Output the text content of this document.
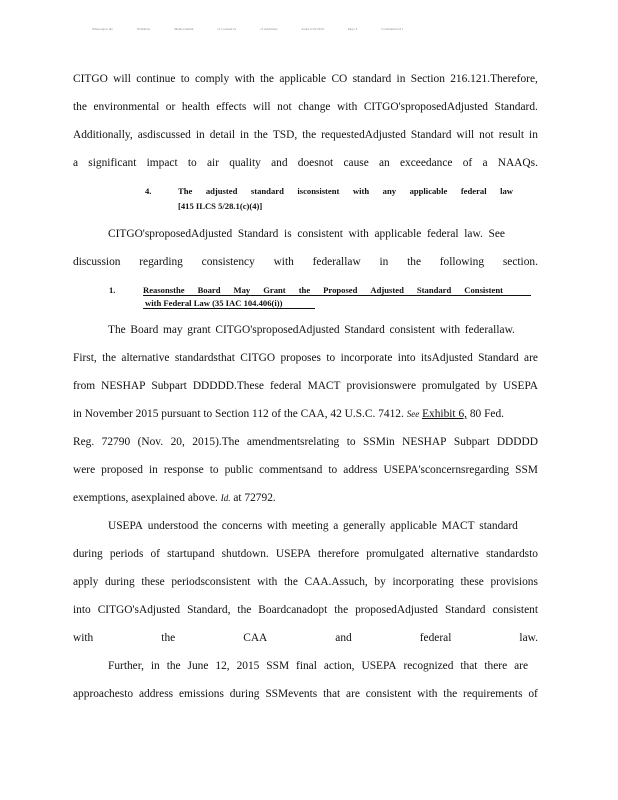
Whereupon the	Withdraw	Memorandum	of Counsel in	of Additions	dated 2/16/2016	Page 3	Confidential 01
CITGO will continue to comply with the applicable CO standard in Section 216.121.Therefore,
the environmental or health effects will not change with CITGO'sproposedAdjusted Standard.
Additionally, asdiscussed in detail in the TSD, the requestedAdjusted Standard will not result in
a significant impact to air quality and doesnot cause an exceedance of a NAAQs.
4.	The adjusted standard isconsistent with any applicable federal law
[415 ILCS 5/28.1(c)(4)]
CITGO'sproposedAdjusted Standard is consistent with applicable federal law. See
discussion regarding consistency with federallaw in the following section.
1.	Reasonsthe Board May Grant the Proposed Adjusted Standard Consistent
with Federal Law (35 IAC 104.406(i))
The Board may grant CITGO'sproposedAdjusted Standard consistent with federallaw.
First, the alternative standardsthat CITGO proposes to incorporate into itsAdjusted Standard are
from NESHAP Subpart DDDDD.These federal MACT provisionswere promulgated by USEPA
in November 2015 pursuant to Section 112 of the CAA, 42 U.S.C. 7412. See Exhibit 6, 80 Fed.
Reg. 72790 (Nov. 20, 2015).The amendmentsrelating to SSMin NESHAP Subpart DDDDD
were proposed in response to public commentsand to address USEPA'sconcernsregarding SSM
exemptions, asexplained above. Id. at 72792.
USEPA understood the concerns with meeting a generally applicable MACT standard
during periods of startupand shutdown. USEPA therefore promulgated alternative standardsto
apply during these periodsconsistent with the CAA.Assuch, by incorporating these provisions
into CITGO'sAdjusted Standard, the Boardcanadopt the proposedAdjusted Standard consistent
with	the	CAA	and	federal	law.
Further, in the June 12, 2015 SSM final action, USEPA recognized that there are
approachesto address emissions during SSMevents that are consistent with the requirements of
